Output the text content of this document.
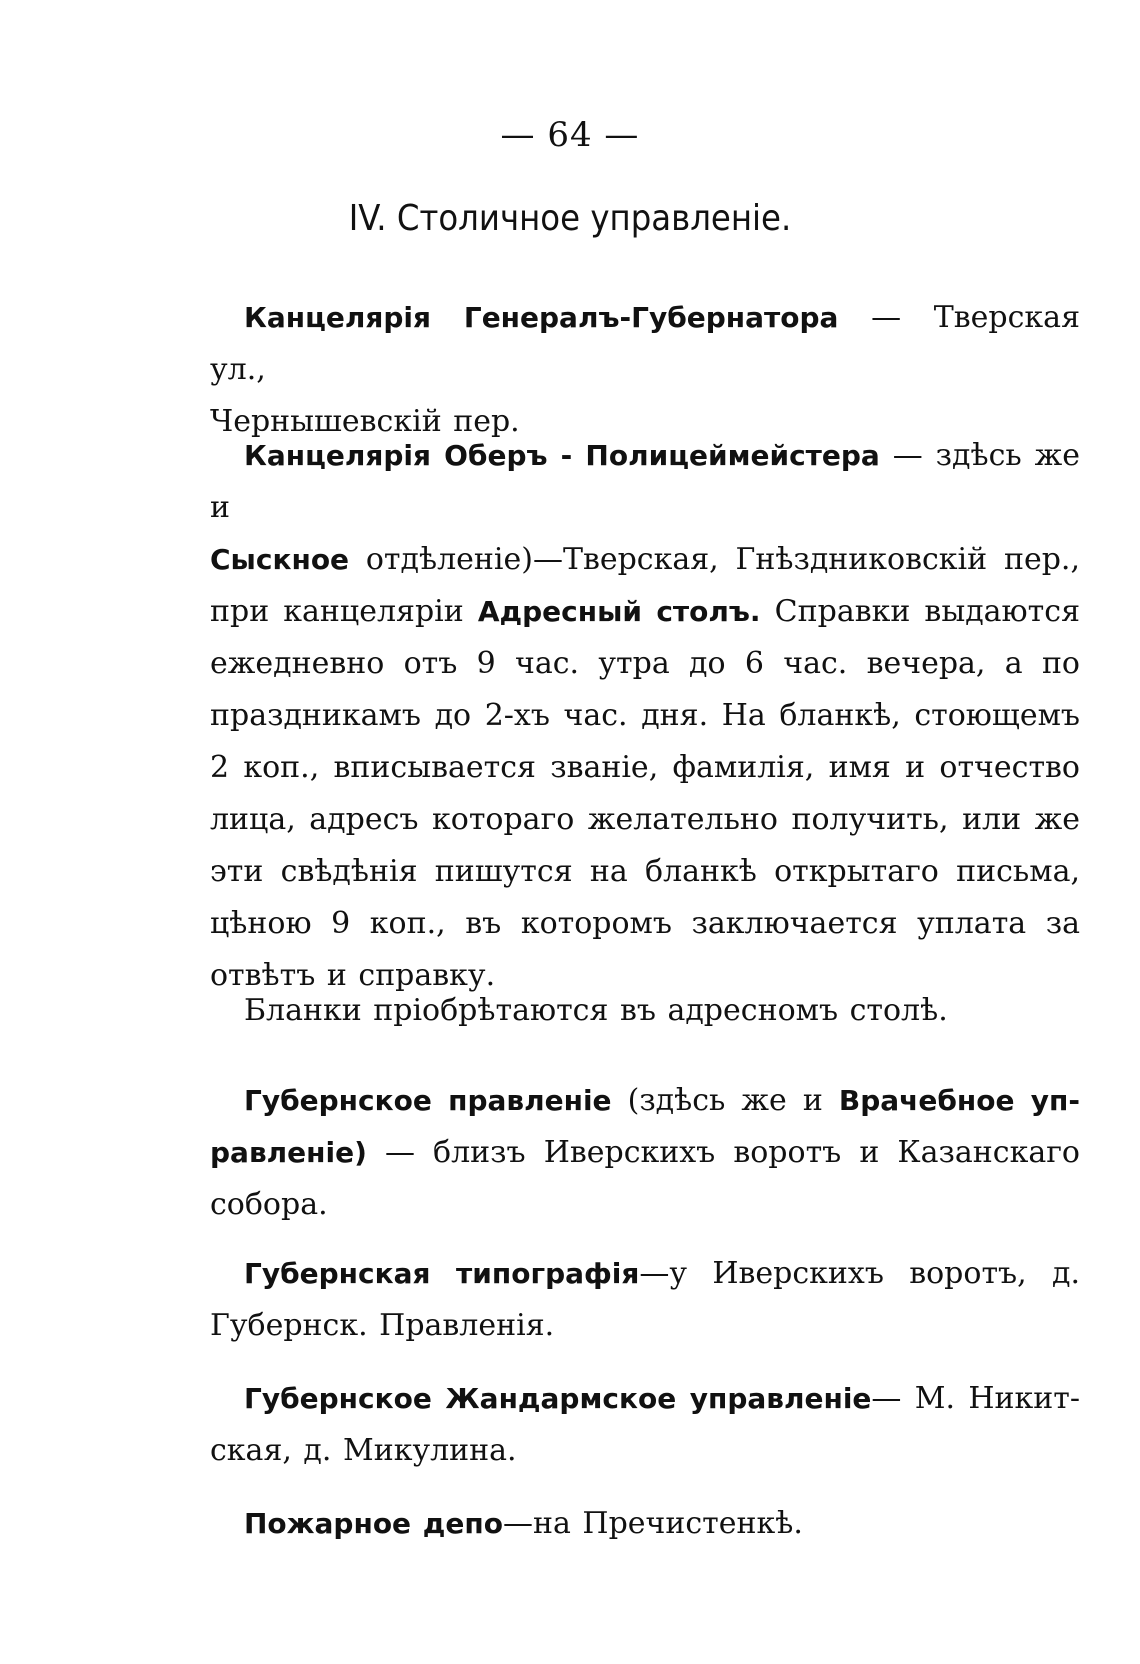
— 64 —
IV. Столичное управленіе.
Канцелярія Генералъ-Губернатора — Тверская ул.,
Чернышевскій пер.
Канцелярія Оберъ - Полицеймейстера — здѣсь же и
Сыскное отдѣленіе)—Тверская, Гнѣздниковскій пер.,
при канцеляріи Адресный столъ. Справки выдаются
ежедневно отъ 9 час. утра до 6 час. вечера, а по
праздникамъ до 2-хъ час. дня. На бланкѣ, стоющемъ
2 коп., вписывается званіе, фамилія, имя и отчество
лица, адресъ котораго желательно получить, или же
эти свѣдѣнія пишутся на бланкѣ открытаго письма,
цѣною 9 коп., въ которомъ заключается уплата за
отвѣтъ и справку.
Бланки пріобрѣтаются въ адресномъ столѣ.
Губернское правленіе (здѣсь же и Врачебное уп-
равленіе) — близъ Иверскихъ воротъ и Казанскаго
собора.
Губернская типографія—у Иверскихъ воротъ, д.
Губернск. Правленія.
Губернское Жандармское управленіе— М. Никит-
ская, д. Микулина.
Пожарное депо—на Пречистенкѣ.
